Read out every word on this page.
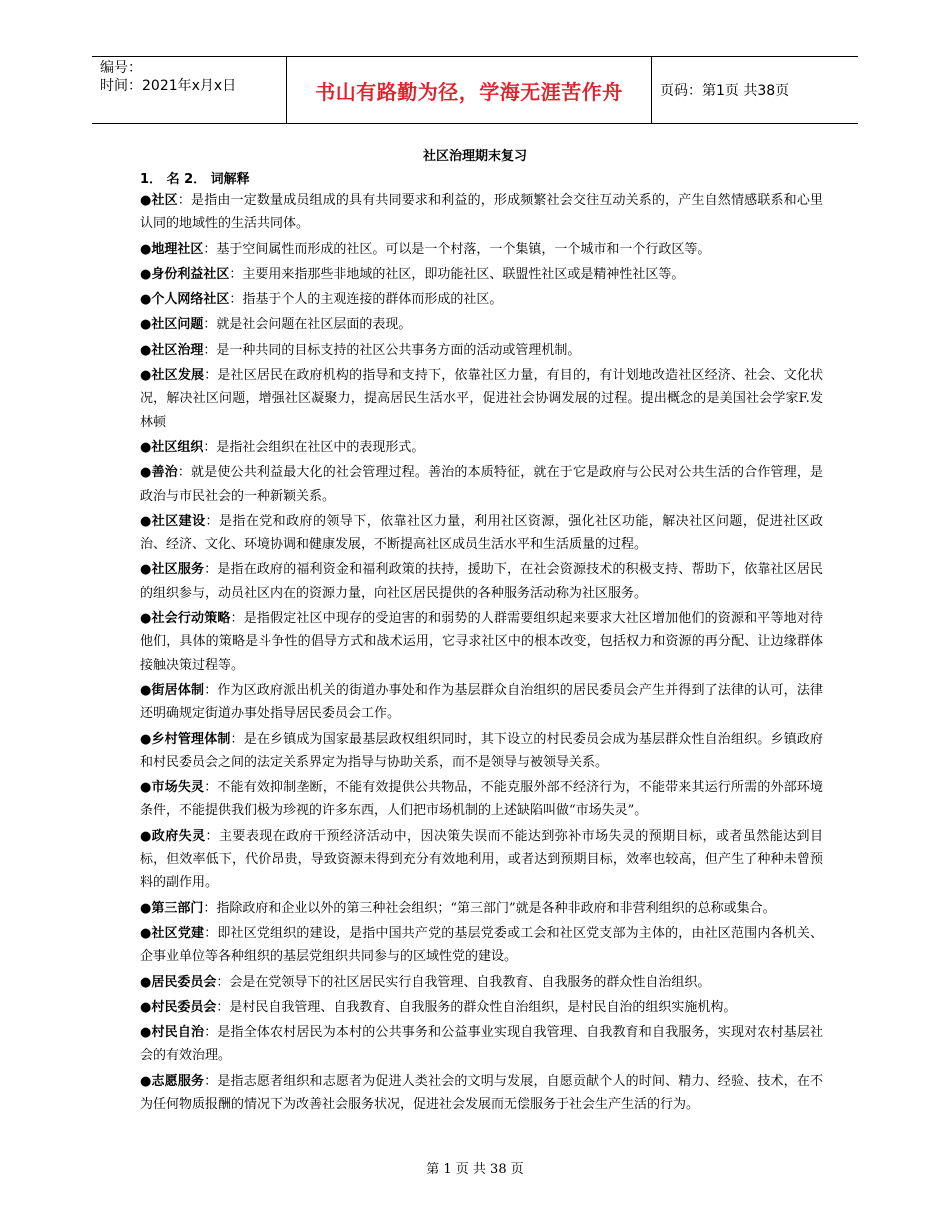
编号：
时间：2021年x月x日	书山有路勤为径，学海无涯苦作舟	页码：第1页 共38页
社区治理期末复习
1． 名 2． 词解释

●社区：是指由一定数量成员组成的具有共同要求和利益的，形成频繁社会交往互动关系的，产生自然情感联系和心里认同的地域性的生活共同体。

●地理社区：基于空间属性而形成的社区。可以是一个村落，一个集镇，一个城市和一个行政区等。

●身份利益社区：主要用来指那些非地域的社区，即功能社区、联盟性社区或是精神性社区等。

●个人网络社区：指基于个人的主观连接的群体而形成的社区。

●社区问题：就是社会问题在社区层面的表现。

●社区治理：是一种共同的目标支持的社区公共事务方面的活动或管理机制。

●社区发展：是社区居民在政府机构的指导和支持下，依靠社区力量，有目的，有计划地改造社区经济、社会、文化状况，解决社区问题，增强社区凝聚力，提高居民生活水平，促进社会协调发展的过程。提出概念的是美国社会学家F.发林顿

●社区组织：是指社会组织在社区中的表现形式。

●善治：就是使公共利益最大化的社会管理过程。善治的本质特征，就在于它是政府与公民对公共生活的合作管理，是政治与市民社会的一种新颖关系。

●社区建设：是指在党和政府的领导下，依靠社区力量，利用社区资源，强化社区功能，解决社区问题，促进社区政治、经济、文化、环境协调和健康发展，不断提高社区成员生活水平和生活质量的过程。

●社区服务：是指在政府的福利资金和福利政策的扶持，援助下，在社会资源技术的积极支持、帮助下，依靠社区居民的组织参与，动员社区内在的资源力量，向社区居民提供的各种服务活动称为社区服务。

●社会行动策略：是指假定社区中现存的受迫害的和弱势的人群需要组织起来要求大社区增加他们的资源和平等地对待他们，具体的策略是斗争性的倡导方式和战术运用，它寻求社区中的根本改变，包括权力和资源的再分配、让边缘群体接触决策过程等。

●街居体制：作为区政府派出机关的街道办事处和作为基层群众自治组织的居民委员会产生并得到了法律的认可，法律还明确规定街道办事处指导居民委员会工作。

●乡村管理体制：是在乡镇成为国家最基层政权组织同时，其下设立的村民委员会成为基层群众性自治组织。乡镇政府和村民委员会之间的法定关系界定为指导与协助关系，而不是领导与被领导关系。

●市场失灵：不能有效抑制垄断，不能有效提供公共物品，不能克服外部不经济行为，不能带来其运行所需的外部环境条件，不能提供我们极为珍视的许多东西，人们把市场机制的上述缺陷叫做“市场失灵”。

●政府失灵：主要表现在政府干预经济活动中，因决策失误而不能达到弥补市场失灵的预期目标，或者虽然能达到目标，但效率低下，代价昂贵，导致资源未得到充分有效地利用，或者达到预期目标，效率也较高，但产生了种种未曾预料的副作用。

●第三部门：指除政府和企业以外的第三种社会组织；“第三部门”就是各种非政府和非营利组织的总称或集合。

●社区党建：即社区党组织的建设，是指中国共产党的基层党委或工会和社区党支部为主体的，由社区范围内各机关、企事业单位等各种组织的基层党组织共同参与的区域性党的建设。

●居民委员会：会是在党领导下的社区居民实行自我管理、自我教育、自我服务的群众性自治组织。

●村民委员会：是村民自我管理、自我教育、自我服务的群众性自治组织，是村民自治的组织实施机构。

●村民自治：是指全体农村居民为本村的公共事务和公益事业实现自我管理、自我教育和自我服务，实现对农村基层社会的有效治理。

●志愿服务：是指志愿者组织和志愿者为促进人类社会的文明与发展，自愿贡献个人的时间、精力、经验、技术，在不为任何物质报酬的情况下为改善社会服务状况，促进社会发展而无偿服务于社会生产生活的行为。

第 1 页 共 38 页
